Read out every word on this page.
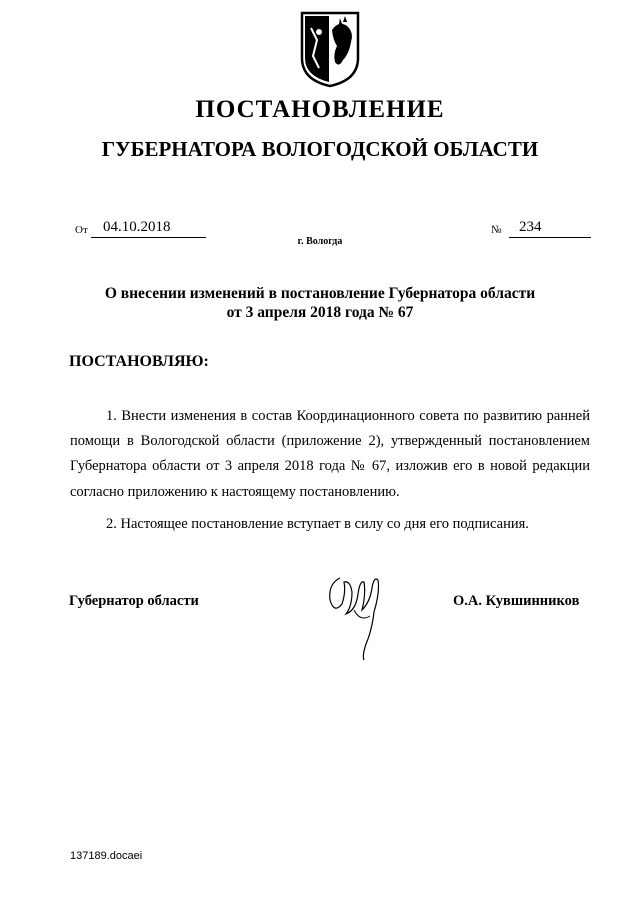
ПОСТАНОВЛЕНИЕ
ГУБЕРНАТОРА ВОЛОГОДСКОЙ ОБЛАСТИ
От	04.10.2018	№	234
г. Вологда
О внесении изменений в постановление Губернатора области
от 3 апреля 2018 года № 67
ПОСТАНОВЛЯЮ:
1. Внести изменения в состав Координационного совета по развитию ранней помощи в Вологодской области (приложение 2), утвержденный постановлением Губернатора области от 3 апреля 2018 года № 67, изложив его в новой редакции согласно приложению к настоящему постановлению.
2. Настоящее постановление вступает в силу со дня его подписания.
Губернатор области	О.А. Кувшинников
137189.docaei
